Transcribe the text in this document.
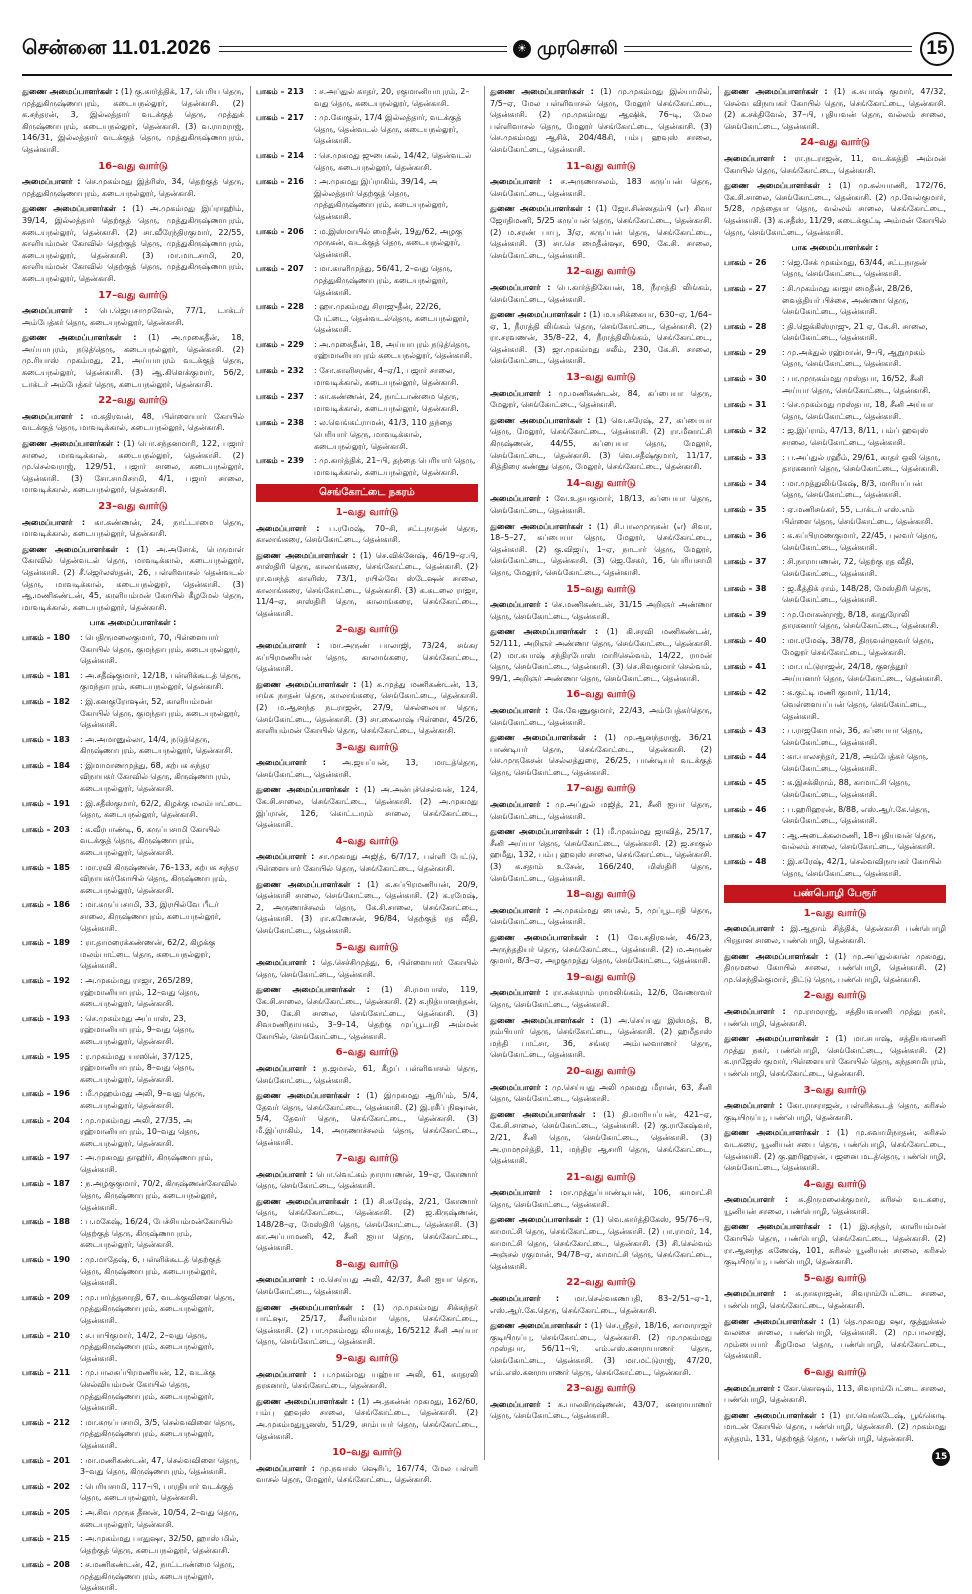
சென்னை 11.01.2026	☀ முரசொலி	15

துணை அமைப்பாளர்கள் : (1) கு.கார்த்திக், 17, பெரிய தெரு, முத்துகிருஷ்ணாபுரம், கடையநல்லூர், தென்காசி. (2) க.சந்தரன், 3, இல்லத்தார் வடக்குத் தெரு, முத்துக் கிருஷ்ணாபுரம், கடையநல்லூர், தென்காசி. (3) வ.ராமராஜ், 146/31, இல்லத்தார் வடக்குத் தெரு, முத்துகிருஷ்ணாபுரம், தென்காசி.

16–வது வார்டு

அமைப்பாளர் : செ.முகம்மது இத்ரிஸ், 34, தெற்குத் தெரு, முத்துகிருஷ்ணாபுரம், கடையநல்லூர், தென்காசி.

துணை அமைப்பாளர்கள் : (1) அ.முகம்மது இப்ராஹிம், 39/14, இல்லத்தார் தெற்குத் தெரு, முத்துகிருஷ்ணாபுரம், கடையநல்லூர், தென்காசி. (2) சா.வீரேந்திரகுமார், 22/55, காளியம்மன் கோவில் தெற்குத் தெரு, முத்துகிருஷ்ணாபுரம், கடையநல்லூர், தென்காசி. (3) மா.மாடசாமி, 20, காளியம்மன் கோவில் தெற்குத் தெரு, முத்துகிருஷ்ணாபுரம், கடையநல்லூர், தென்காசி.

17–வது வார்டு

அமைப்பாளர் : பெ.ஜெயசாமுவேல், 77/1, டாக்டர் அம்பேத்கர் தெரு, கடையநல்லூர், தென்காசி.

துணை அமைப்பாளர்கள் : (1) அ.முகைதீன், 18, அய்யாபுரம், நடுத்தெரு, கடையநல்லூர், தென்காசி. (2) மு.ரியாஸ் முகம்மது, 21, அய்யாபுரம் வடக்குத் தெரு, கடையநல்லூர், தென்காசி. (3) ஆ.கிளெக்குமார், 56/2, டாக்டர் அம்பேத்கர் தெரு, கடையநல்லூர், தென்காசி.

22–வது வார்டு

அமைப்பாளர் : ம.கதிரவன், 48, பிள்ளையார் கோயில் வடக்குத் தெரு, மாவடிக்கால், கடையநல்லூர், தென்காசி.

துணை அமைப்பாளர்கள் : (1) பொ.சந்தனமாரி, 122, பஜார் சாலை, மாவடிக்கால், கடையநல்லூர், தென்காசி. (2) மு.செல்வராஜ், 129/51, பஜார் சாலை, கடையநல்லூர், தென்காசி. (3) சோ.சாமிசாமி, 4/1, பஜார் சாலை, மாவடிக்கால், கடையநல்லூர், தென்காசி.

23–வது வார்டு

அமைப்பாளர் : கா.கண்ணன், 24, நாட்டாமை தெரு, மாவடிக்கால், கடையநல்லூர், தென்காசி.

துணை அமைப்பாளர்கள் : (1) அ.அசோக், பெருமாள் கோவில் தென்வடல் தெரு, மாவடிக்கால், கடையநல்லூர், தென்காசி. (2) சீ.ஜெர்லஸ்தன், 26, பள்ளிவாசல் தென்வடல் தெரு, மாவடிக்கால், கடையநல்லூர், தென்காசி. (3) ஆ.மணிகண்டன், 45, காளியம்மன் கோயில் கீழமேல் தெரு, மாவடிக்கால், கடையநல்லூர், தென்காசி.

பாக அமைப்பாளர்கள் :
பாகம் – 180	: பெதிருமலைகுமார், 70, பிள்ளையார் கோயில் தெரு, குமந்தாபுரம், கடையநல்லூர், தென்காசி.
பாகம் – 181	: அ.சதீஷ்குமார், 12/18, பள்ளிக்கூடத் தெரு, குமந்தாபுரம், கடையநல்லூர், தென்காசி.
பாகம் – 182	: இ.கனகுரோஷன், 52, காளியம்மன் கோயில் தெரு, குமந்தாபுரம், கடையநல்லூர், தென்காசி.
பாகம் – 183	: அ.அமானுல்லா, 14/4, நடுத்தெரு, கிருஷ்ணாபுரம், கடையநல்லூர், தென்காசி.
பாகம் – 184	: இமாமாணமுத்து, 68, கற்பக சுந்தர விநாயகர் கோவில் தெரு, கிருஷ்ணாபுரம், கடையநல்லூர், தென்காசி.
பாகம் – 191	: இ.சதீஸ்குமார், 62/2, கிழக்கு மலம்பாட்டை தெரு, கடையநல்லூர், தென்காசி.
பாகம் – 203	: க.வீரபாண்டி, 6, கருப்பசாமி கோயில் வடக்குத் தெரு, கிருஷ்ணாபுரம், கடையநல்லூர், தென்காசி.
பாகம் – 185	: மா.ரவி கிருஷ்ணன், 76–133, கற்பக சுந்தர விநாயகர்கோயில் தெரு, கிருஷ்ணாபுரம், கடையநல்லூர், தென்காசி.
பாகம் – 186	: மா.கருப்பசாமி, 33, இரயில்வே பீடர் சாலை, கிருஷ்ணாபுரம், கடையநல்லூர், தென்காசி.
பாகம் – 189	: ரா.தாமரைக்கண்ணன், 62/2, கிழக்கு மலம்பாட்டை தெரு, கடையநல்லூர், தென்காசி.
பாகம் – 192	: அ.முகம்மது ராஜா, 265/289, ரஹ்மானியாபுரம், 12–வது தெரு, கடையநல்லூர், தென்காசி.
பாகம் – 193	: செ.முகம்மது அப்பாஸ், 23, ரஹ்மானியாபுரம், 9–வது தெரு, கடையநல்லூர், தென்காசி.
பாகம் – 195	: ர.முகம்மது யாஸின், 37/125, ரஹ்மானியாபுரம், 8–வது தெரு, கடையநல்லூர், தென்காசி.
பாகம் – 196	: மீ.முஹம்மது அலி, 9–வது தெரு, கடையநல்லூர், தென்காசி.
பாகம் – 204	: மு.முகம்மது அலி, 27/35, அ ரஹ்மானியாபுரம், 10–வது தெரு, கடையநல்லூர், தென்காசி.
பாகம் – 197	: அ.முகமது தாஹிர், கிருஷ்ணாபுரம், தென்காசி.
பாகம் – 187	: ந.அழகுகுமார், 70/2, கிருஷ்ணன்கோவில் தெரு, கிருஷ்ணாபுரம், கடையநல்லூர், தென்காசி.
பாகம் – 188	: ப.மகேஷ், 16/24, பேச்சியம்மன்கோயில் தெற்குத் தெரு, கிருஷ்ணாபுரம், கடையநல்லூர், தென்காசி.
பாகம் – 190	: மு.மாதேஷ், 6, பள்ளிக்கூடத் தெற்குத் தெரு, கிருஷ்ணாபுரம், கடையநல்லூர், தென்காசி.
பாகம் – 209	: மு.பார்த்தசாரதி, 67, வடக்குவிளை தெரு, முத்துகிருஷ்ணாபுரம், கடையநல்லூர், தென்காசி.
பாகம் – 210	: ச.பாபிகுமார், 14/2, 2–வது தெரு, முத்துகிருஷ்ணாபுரம், கடையநல்லூர், தென்காசி.
பாகம் – 211	: மு.பாலசுப்பிரமணியன், 12, வடக்கு செல்வியம்மன் கோயில் தெரு, முத்துகிருஷ்ணாபுரம், கடையநல்லூர், தென்காசி.
பாகம் – 212	: மா.கருப்பசாமி, 3/5, செல்வவிளை தெரு, முத்துகிருஷ்ணாபுரம், கடையநல்லூர், தென்காசி.
பாகம் – 201	: மா.மணிகண்டன், 47, செல்வவிளை தெரு, 3–வது தெரு, கிருஷ்ணாபுரம், தென்காசி.
பாகம் – 202	: பெரியசாமி, 117–பி, பாரதியார் வடக்குத் தெரு, கடையநல்லூர், தென்காசி.
பாகம் – 205	: அ.சிவ முருக தீனன், 10/54, 2–வது தெரு, கடையநல்லூர், தென்காசி.
பாகம் – 215	: அ.முகம்மது பாதுஷா, 32/50, ஹாஸ் மில், தெற்குத் தெரு, கடையநல்லூர், தென்காசி.
பாகம் – 208	: ச.மணிகண்டன், 42, நாட்டாண்மை தெரு, முத்துகிருஷ்ணாபுரம், கடையநல்லூர், தென்காசி.
பாகம் – 213	: ச.அப்துல் காதர், 20, ரகுமானியாபுரம், 2–வது தெரு, கடையநல்லூர், தென்காசி.
பாகம் – 217	: மு.கோகுல், 17/4 இல்லத்தார், வடக்குத் தெரு, தென்வடல் தெரு, கடையநல்லூர், தென்காசி.
பாகம் – 214	: செ.முகமது ஜுபைகல், 14/42, தென்வடல் தெரு, கடையநல்லூர், தென்காசி.
பாகம் – 216	: அ.முகமது இப்ராகிம், 39/14, அ இல்லத்தார் தெற்குத் தெரு, முத்துகிருஷ்ணாபுரம், கடையநல்லூர், தென்காசி.
பாகம் – 206	: ம.இஸ்மாயில் மைதீன், 19து/62, அழகு முருகன், வடக்குத் தெரு, கடையநல்லூர், தென்காசி.
பாகம் – 207	: மா.காளிமுத்து, 56/41, 2–வது தெரு, முத்துகிருஷ்ணாபுரம், கடையநல்லூர், தென்காசி.
பாகம் – 228	: ஹா.முகம்மது சிராஜுதீன், 22/26, பேட்டை, தென்வடல்தெரு, கடையநல்லூர், தென்காசி.
பாகம் – 229	: அ.முகைதீன், 18, அய்யாபுரம் நடுத்தெரு, ரஹ்மானியாபுரம் கடையநல்லூர், தென்காசி.
பாகம் – 232	: சோ.காளிசரண், 4–ஏ/1, பஜார் சாலை, மாவடிக்கால், கடையநல்லூர், தென்காசி.
பாகம் – 237	: கா.கண்ணன், 24, நாட்டாண்மை தெரு, மாவடிக்கால், கடையநல்லூர், தென்காசி.
பாகம் – 238	: ல.வெங்கட்ராமன், 41/3, 110 தந்தை பெரியார் தெரு, மாவடிக்கால், கடையநல்லூர், தென்காசி.
பாகம் – 239	: மு.கார்த்திக், 21–பி, தந்தை பெரியார் தெரு, மாவடிக்கால், கடையநல்லூர், தென்காசி.
செங்கோட்டை நகரம்
1–வது வார்டு

அமைப்பாளர் : ப.ரமேஷ், 70–சி, சட்டநாதன் தெரு, காலாங்கரை, செங்கோட்டை, தென்காசி.

துணை அமைப்பாளர்கள் : (1) செ.விக்னேஷ், 46/19–ஏ.பி, சாஸ்திரி தெரு, காலாங்கரை, செங்கோட்டை, தென்காசி. (2) ரா.வசந்த் காளிஸ், 73/1, ரயில்வே ஸ்டேஷன் சாலை, காலாங்கரை, செங்கோட்டை, தென்காசி. (3) க.கடலை ராஜா, 11/4–ஏ, சாஸ்திரி தெரு, காலாங்கரை, செங்கோட்டை, தென்காசி.

2–வது வார்டு

அமைப்பாளர் : மா.அருண் பாலாஜி, 73/24, சங்கர சுப்பிரமணியன் தெரு, காலாங்கரை, செங்கோட்டை, தென்காசி.

துணை அமைப்பாளர்கள் : (1) சு.முத்து மணிகண்டன், 13, ஈங்க நாதன் தெரு, காலாங்கரை, செங்கோட்டை, தென்காசி. (2) ம.ஆனந்த நடராஜன், 27/9, செல்லையா தெரு, செங்கோட்டை, தென்காசி. (3) சா.கைலாஷ் பிள்ளை, 45/26, காளியம்மன் கோயில் தெரு, செங்கோட்டை, தென்காசி.

3–வது வார்டு

அமைப்பாளர் : அ.ஜயப்பன், 13, மாடத்தெரு, செங்கோட்டை, தென்காசி.

துணை அமைப்பாளர்கள் : (1) அ.அன்புச்செல்வன், 124, கே.சி.சாலை, செங்கோட்டை, தென்காசி. (2) அ.முகமது இப்ரான், 126, கொட்டாரம் சாலை, செங்கோட்டை, தென்காசி.

4–வது வார்டு

அமைப்பாளர் : சா.முகமது அஜித், 6/7/17, பள்ளி பேட்டு, பிள்ளையார் கோயில் தெரு, செங்கோட்டை, தென்காசி.

துணை அமைப்பாளர்கள் : (1) க.சுப்பிரமணியன், 20/9, தென்காசி சாலை, செங்கோட்டை, தென்காசி. (2) க.ரமேஷ், 2, அருணாச்சலம் தெரு, கே.சி.சாலை, செங்கோட்டை, தென்காசி. (3) ரா.கணேசன், 96/84, தெற்குத் ரத வீதி, செங்கோட்டை, தென்காசி.

5–வது வார்டு

அமைப்பாளர் : தெ.செச்சிமுத்து, 6, பிள்ளையார் கோயில் தெரு, செங்கோட்டை, தென்காசி.

துணை அமைப்பாளர்கள் : (1) சி.ரமாபாஸ், 119, கே.சி.சாலை, செங்கோட்டை, தென்காசி. (2) க.நித்யானந்தன், 30, கே.சி சாலை, செங்கோட்டை, தென்காசி. (3) சிவமணிநாயகம், 3–9–14, தெற்கு முப்பூடாதி அம்மன் கோயில், செங்கோட்டை, தென்காசி.

6–வது வார்டு

அமைப்பாளர் : ந.ஜமால், 61, கீழப் பள்ளிவாசல் தெரு, செங்கோட்டை, தென்காசி.

துணை அமைப்பாளர்கள் : (1) இமுகமது ஆரிப்ம், 5/4, தேவர் தெரு, செங்கோட்டை, தென்காசி. (2) இ.ரசீப் நிஷான், 5/4, தேவர் தெரு, செங்கோட்டை, தென்காசி. (3) மீ.இப்ராகிம், 14, அருணாச்சலம் தெரு, செங்கோட்டை, தென்காசி.

7–வது வார்டு

அமைப்பாளர் : பொ.வெட்கம் நாராயணன், 19–ஏ, கோணார் தெரு, செங்கோட்டை, தென்காசி.

துணை அமைப்பாளர்கள் : (1) சி.சுரேஷ், 2/21, கோணார் தெரு, செங்கோட்டை, தென்காசி. (2) ஜ.கிருஷ்ணன், 148/28–ஏ, மேஸ்திரி தெரு, செங்கோட்டை, தென்காசி. (3) கா.அப்பாமணி, 42, சீனி ஐயா தெரு, செங்கோட்டை, தென்காசி.

8–வது வார்டு

அமைப்பாளர் : ம.செய்யது அலி, 42/37, சீனி ஐயா தெரு, செங்கோட்டை, தென்காசி.

துணை அமைப்பாளர்கள் : (1) மு.முகம்மது சிக்கந்தர் பாட்ஷா, 25/17, சீனியம்மா தெரு, செங்கோட்டை, தென்காசி. (2) பா.முகம்மது லியாகத், 16/5212 சீனி அய்யா தெரு, செங்கோட்டை, தென்காசி.

9–வது வார்டு

அமைப்பாளர் : ப.முகம்மது யஹ்யா அலி, 61, காதரலி தரகனார், செங்கோட்டை, தென்காசி.

துணை அமைப்பாளர்கள் : (1) அ.தகன்ன் முகமது, 162/60, பம்பு ஹவுஸ் சாலை, செங்கோட்டை, தென்காசி. (2) அ.முகம்மதுயூனஸ், 51/29, சாம்பயர் தெரு, செங்கோட்டை, தென்காசி.

10–வது வார்டு

அமைப்பாளர் : மு.நவாஸ் ஷெரிப், 167/74, மேல பள்ளி வாசல் தெரு, மேலூர், செங்கோட்டை, தென்காசி.

துணை அமைப்பாளர்கள் : (1) மு.முகம்மது இல்யாமில், 7/5–ஏ, மேல பள்ளிவாசல் தெரு, மேலூர் செங்கோட்டை, தென்காசி. (2) மு.முகம்மது ஆஷிக், 76–டி, மேல பள்ளிவாசல் தெரு, மேலூர் செங்கோட்டை, தென்காசி. (3) செ.முகம்மது ஆசிக், 204/48சி, பம்பு ஹவுஸ் சாலை, செங்கோட்டை, தென்காசி.

11–வது வார்டு

அமைப்பாளர் : ச.அருணாசலம், 183 கருப்பன் தெரு, செங்கோட்டை, தென்காசி.

துணை அமைப்பாளர்கள் : (1) ஜோ.சின்னதம்பி (எ) சிவா ஜோதிமணி, 5/25 கருப்பன் தெரு, செங்கோட்டை, தென்காசி. (2) ம.சரண் பாபு, 3/ஏ, கருப்பன் தெரு, செங்கோட்டை, தென்காசி. (3) சா.செ மைதீன்ஷா, 690, கே.சி. சாலை, செங்கோட்டை, தென்காசி.

12–வது வார்டு

அமைப்பாளர் : பெ.கார்த்திகேயன், 18, நீராத்தி லிங்கம், செங்கோட்டை, தென்காசி.

துணை அமைப்பாளர்கள் : (1) ம.யசிக்கையா, 630–ஏ, 1/64–ஏ, 1, நீராத்தி லிங்கம் தெரு, செங்கோட்டை, தென்காசி. (2) ரா.சரவணன், 35/8–22, 4, நீராத்திலிங்கம், செங்கோட்டை, தென்காசி. (3) ஜா.முகம்மது சலீம், 230, கே.சி. சாலை, செங்கோட்டை, தென்காசி.

13–வது வார்டு

அமைப்பாளர் : மு.மணிகண்டன், 84, கப்பையா தெரு, மேலூர், செங்கோட்டை, தென்காசி.

துணை அமைப்பாளர்கள் : (1) வெ.சுரேஷ், 27, கப்பையா தெரு, மேலூர், செங்கோட்டை, தென்காசி. (2) ரா.மீனாட்சி கிருஷ்ணன், 44/55, கப்பையா தெரு, மேலூர், செங்கோட்டை, தென்காசி. (3) வெ.சதீஷ்குமார், 11/17, சித்திரை கண்ணு தெரு, மேலூர், செங்கோட்டை, தென்காசி.

14–வது வார்டு

அமைப்பாளர் : வே.உதயகுமார், 18/13, கப்பையா தெரு, செங்கோட்டை, தென்காசி.

துணை அமைப்பாளர்கள் : (1) சி.பாலமுருகன் (எ) சிவா, 18–5–27, கப்பையா தெரு, மேலூர், செங்கோட்டை, தென்காசி. (2) கு.விஜய், 1–ஏ, நாடார் தெரு, மேலூர், செங்கோட்டை, தென்காசி. (3) ஜெ.சேகர், 16, பெரியசாமி தெரு, மேலூர், செங்கோட்டை, தென்காசி.

15–வது வார்டு

அமைப்பாளர் : செ.மணிகண்டன், 31/15 அறிஞர் அண்ணா தெரு, செங்கோட்டை, தென்காசி.

துணை அமைப்பாளர்கள் : (1) கி.சரவி மணிகண்டன், 52/111, அறிஞர் அண்ணா தெரு, செங்கோட்டை, தென்காசி. (2) மா.சுபாஷ் சந்திரபோஸ் மாரிசெல்வம், 14/22, ராமன் தெரு, செங்கோட்டை, தென்காசி. (3) செ.சிவகுமார் செல்வம், 99/1, அறிஞர் அண்ணா தெரு, செங்கோட்டை, தென்காசி.

16–வது வார்டு

அமைப்பாளர் : கே.வேணுகுமார், 22/43, அம்பேத்கர்தெரு, செங்கோட்டை, தென்காசி.

துணை அமைப்பாளர்கள் : (1) மு.ஆனந்தராஜ், 36/21 பாண்டியர் தெரு, செங்கோட்டை, தென்காசி. (2) செ.முருகேசன் செல்லத்துரை, 26/25, பாண்டியர் வடக்குத் தெரு, செங்கோட்டை, தென்காசி.

17–வது வார்டு

அமைப்பாளர் : மு.அப்துல் மஜித், 21, சீனி ஐயா தெரு, செங்கோட்டை, தென்காசி.

துணை அமைப்பாளர்கள் : (1) மீ.முகம்மது ஜாவித், 25/17, சீனி அய்யா தெரு, செங்கோட்டை, தென்காசி. (2) ஜ.சாகுல் ஹமீது, 132, பம்பு ஹவுஸ் சாலை, செங்கோட்டை, தென்காசி. (3) க.சதாம் உசேன், 166/240, மிஸ்திரி தெரு, செங்கோட்டை, தென்காசி.

18–வது வார்டு

அமைப்பாளர் : அ.முகம்மது பைசல், 5, முப்பூடாதி தெரு, செங்கோட்டை, தென்காசி.

துணை அமைப்பாளர்கள் : (1) வே.கதிரவன், 46/23, அருந்ததியர் தெரு, செங்கோட்டை, தென்காசி. (2) ம.அருண் குமார், 8/3–ஏ, அழகுமுத்து தெரு, செங்கோட்டை, தென்காசி.

19–வது வார்டு

அமைப்பாளர் : ரா.சுக்கராம் ராமலிங்கம், 12/6, வேணாவர் தெரு, செங்கோட்டை, தென்காசி.

துணை அமைப்பாளர்கள் : (1) அ.செய்யது இஸ்மத், 8, நம்பியார் தெரு, செங்கோட்டை, தென்காசி. (2) ஹமீதாஸ் மந்தி பாட்சா, 36, சங்கர அம்பலவாணர் தெரு, செங்கோட்டை, தென்காசி.

20–வது வார்டு

அமைப்பாளர் : மு.செய்யது அலி முகமது மீரான், 63, சீனி தெரு, செங்கோட்டை, தென்காசி.

துணை அமைப்பாளர்கள் : (1) தி.மாரியப்பன், 421–ஏ, கே.சி.சாலை, செங்கோட்டை, தென்காசி. (2) கு.ராகேஷ்வர், 2/21, சீனி தெரு, செங்கோட்டை, தென்காசி. (3) அ.ராமமூர்த்தி, 11, மந்திர ஆசாரி தெரு, செங்கோட்டை, தென்காசி.

21–வது வார்டு

அமைப்பாளர் : மா.முத்துப்பாண்டியன், 106, காமாட்சி தெரு, செங்கோட்டை, தென்காசி.

துணை அமைப்பாளர்கள் : (1) வெ.கார்த்திகேஸ், 95/76–பி, காமாட்சி தெரு, செங்கோட்டை, தென்காசி. (2) பா.ராமர், 14, காமாட்சி தெரு, செங்கோட்டை, தென்காசி. (3) சி.செல்வம் அஞ்சல் ரகுமான், 94/78–ஏ, காமாட்சி தெரு, செங்கோட்டை, தென்காசி.

22–வது வார்டு

அமைப்பாளர் : மா.செல்வகணபதி, 83–2/51–ஏ–1, எஸ்.ஆர்.கே.தெரு, செங்கோட்டை, தென்காசி.

துணை அமைப்பாளர்கள் : (1) செ.ஸ்ரீதர், 18/16, காமாராஜர் குடியிருப்பு, செங்கோட்டை, தென்காசி. (2) மு.முகம்மது முஸ்தபா, 56/11–பி, எம்.எஸ்.கனராயாணர் தெரு, செங்கோட்டை, தென்காசி. (3) மா.மட்டுராஜ், 47/20, எம்.எஸ்.கனராயாணர் தெரு, செங்கோட்டை, தென்காசி.

23–வது வார்டு

அமைப்பாளர் : க.பாலகிருஷ்ணன், 43/07, கனராயாணர் தெரு, செங்கோட்டை, தென்காசி.

துணை அமைப்பாளர்கள் : (1) க.சுபாஷ் குமார், 47/32, செல்வ விநாயகர் கோயில் தெரு, செங்கோட்டை, தென்காசி. (2) க.சக்திவேல், 37–பி, புதியவன் தெரு, வல்லம் சாலை, செங்கோட்டை, தென்காசி.

24–வது வார்டு

அமைப்பாளர் : ரா.நடராஜன், 11, வடக்கத்தி அம்மன் கோயில் தெரு, செங்கோட்டை, தென்காசி.

துணை அமைப்பாளர்கள் : (1) மு.கல்யாணி, 172/76, கே.சி.சாலை, செங்கோட்டை, தென்காசி. (2) மு.வேல்குமார், 5/28, முத்தையா தெரு, வல்லம் சாலை, செங்கோட்டை, தென்காசி. (3) க.சதீஸ், 11/29, கடைக்குட்டி அம்மன் கோயில் தெரு, செங்கோட்டை, தென்காசி.

பாக அமைப்பாளர்கள் :
பாகம் – 26	: ஜெ.சேக் முகம்மது, 63/44, சட்டநாதன் தெரு, செங்கோட்டை, தென்காசி.
பாகம் – 27	: சி.முகம்மது காஜா மைதீன், 28/26, வைத்தியர் பிச்சை, அண்ணா தெரு, செங்கோட்டை, தென்காசி.
பாகம் – 28	: தி.ஜெக்கிஸ்ராஜு, 21 ஏ, கே.சி. சாலை, செங்கோட்டை, தென்காசி.
பாகம் – 29	: மு.அக்துல் ரஹ்மான், 9–பி, ஆறுமுகம் தெரு, செங்கோட்டை, தென்காசி.
பாகம் – 30	: பா.முருகம்மது முஸ்தபா, 16/52, சீனி அய்யா தெரு, செங்கோட்டை, தென்காசி.
பாகம் – 31	: செ.முகம்மது முஸ்தபா, 18, சீனி அய்யா தெரு, செங்கோட்டை, தென்காசி.
பாகம் – 32	: ஜ.இப்ராம், 47/13, 8/11, பம்ப் ஹவுஸ் சாலை, செங்கோட்டை, தென்காசி.
பாகம் – 33	: ப.அப்துல் ரஹீம், 29/61, காதர் ஒலி தெரு, தாரகனார் தெரு, செங்கோட்டை, தென்காசி.
பாகம் – 34	: மா.முத்துலிங்கேஷ், 8/3, மாரியப்பன் தெரு, செங்கோட்டை, தென்காசி.
பாகம் – 35	: ஏ.மணிசங்கர், 55, டாக்டர் எஸ்.எம் பிள்ளை தெரு, செங்கோட்டை, தென்காசி.
பாகம் – 36	: க.சுப்பிரமணகுமார், 22/45, புலவர் தெரு, செங்கோட்டை, தென்காசி.
பாகம் – 37	: சி.நாராயணன், 72, தெற்கு ரத வீதி, செங்கோட்டை, தென்காசி.
பாகம் – 38	: ஜ.கீத்திக் ராம், 148/28, மேஸ்திரி தெரு, செங்கோட்டை, தென்காசி.
பாகம் – 39	: மு.மோகன்ராஜ், 8/18, காதுரோலி தாரகனார் தெரு, செங்கோட்டை, தென்காசி.
பாகம் – 40	: மா.ரமேஷ், 38/78, திருவள்ளுவர் தெரு, மேலூர் செங்கோட்டை, தென்காசி.
பாகம் – 41	: மா.பட்டுராஜன், 24/18, குளத்தூர் அய்யனார் தெரு, செங்கோட்டை, தென்காசி.
பாகம் – 42	: க.குட்டி மணி குமார், 11/14, வெள்ளையப்பன் தெரு, செங்கோட்டை, தென்காசி.
பாகம் – 43	: ப.ராஜகோபால், 36, சுப்பையா தெரு, செங்கோட்டை, தென்காசி.
பாகம் – 44	: கா.பாலசந்தர், 21/8, அம்பேத்கர் தெரு, செங்கோட்டை, தென்காசி.
பாகம் – 45	: க.இசக்கிராம், 88, காமாட்சி தெரு, செங்கோட்டை, தென்காசி.
பாகம் – 46	: ப.ஹரிஹரன், 8/88, எஸ்.ஆர்.கே.தெரு, செங்கோட்டை, தென்காசி.
பாகம் – 47	: ஆ.அடைக்கலமணி, 18–புதியவன் தெரு, வல்லம் சாலை, செங்கோட்டை, தென்காசி.
பாகம் – 48	: இ.சுரேஷ், 42/1, செல்வவிநாயகர் கோயில் தெரு, செங்கோட்டை, தென்காசி.
பண்பொழி பேரூர்
1–வது வார்டு

அமைப்பாளர் : இ.ஆதாம் சித்திக், தென்காசி பண்பொழி பிரதான சாலை, பண்பொழி, தென்காசி.

துணை அமைப்பாளர்கள் : (1) மு.அப்துல்கான் முகமது, திருமலை கோயில் சாலை, பண்பொழி, தென்காசி. (2) மு.செந்தில்குமார், திட்டு தெரு, பண்பொழி, தென்காசி.

2–வது வார்டு

அமைப்பாளர் : மு.ராமராஜ், சத்தியவாணி முத்து நகர், பண்பொழி, தென்காசி.

துணை அமைப்பாளர்கள் : (1) மா.சபாஷ், சத்தியவாணி முத்து நகர், பண்பொழி, செங்கோட்டை, தென்காசி. (2) க.ராஜேஸ் குமார், பிள்ளையார் கோயில் தெரு, கந்தசாமிபுரம், பண்பொழி, செங்கோட்டை, தென்காசி.

3–வது வார்டு

அமைப்பாளர் : கோ.ராசராஜன், பள்ளிக்கூடத் தெரு, கரிசல் குடியிருப்பு, பண்பொழி, தென்காசி.

துணை அமைப்பாளர்கள் : (1) மு.சுவாமிநாதன், கரிசல் வடகரை, யூனியன் சபை தெரு, பண்பொழி, செங்கோட்டை, தென்காசி. (2) கு.ஹரிஹரன், பஜனை மடத்தெரு, பண்பொழி, செங்கோட்டை, தென்காசி.

4–வது வார்டு

அமைப்பாளர் : சு.திருமலைக்குமார், கரிசல் வடகரை, யூனியன் சாலை, பண்பொழி, தென்காசி.

துணை அமைப்பாளர்கள் : (1) இ.சுந்தர், காளியம்மன் கோயில் தெரு, பண்பொழி, செங்கோட்டை, தென்காசி. (2) ரா.ஆனந்த கணேஷ், 101, கரிசல் யூனியன் சாலை, கரிசல் குடியிருப்பு, பண்பொழி, தென்காசி.

5–வது வார்டு

அமைப்பாளர் : சு.நாகராஜன், சிவராம்பேட்டை சாலை, பண்பொழி, செங்கோட்டை, தென்காசி.

துணை அமைப்பாளர்கள் : (1) தெ.முகமது ஷா, குத்துக்கல் வலசை சாலை, பண்பொழி, தென்காசி. (2) மு.பாலாஜி, மும்பையார் கீழமேல தெரு, பண்பொழி, செங்கோட்டை, தென்காசி.

6–வது வார்டு

அமைப்பாளர் : கோ.கொஷம், 113, சிவராம்பேட்டை சாலை, பண்பொழி, தென்காசி.

துணை அமைப்பாளர்கள் : (1) ரா.வெங்கடேஷ், பூங்கொடி மாடன் கோயில் தெரு, பண்பொழி, தென்காசி. (2) முகம்மது சுந்தரம், 131, தெற்குத் தெரு, பண்பொழி, தென்காசி.

15
